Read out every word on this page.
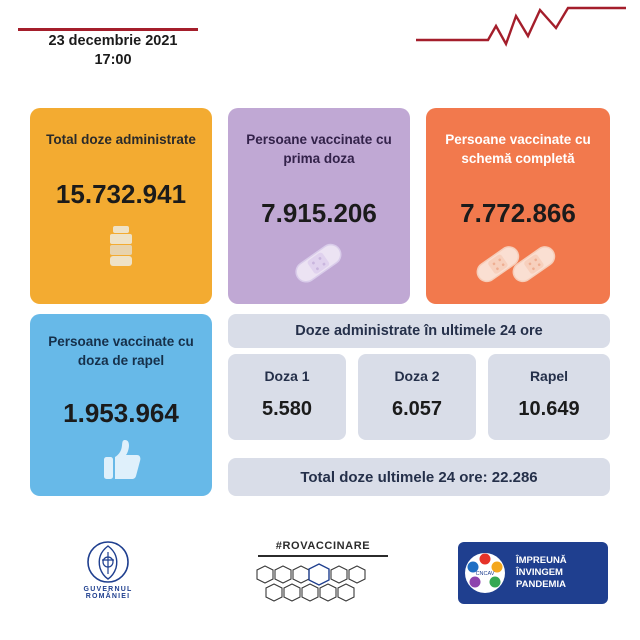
23 decembrie 2021
17:00
Total doze administrate
15.732.941
Persoane vaccinate cu prima doza
7.915.206
Persoane vaccinate cu schemă completă
7.772.866
Persoane vaccinate cu doza de rapel
1.953.964
Doze administrate în ultimele 24 ore
Doza 1
5.580
Doza 2
6.057
Rapel
10.649
Total doze ultimele 24 ore: 22.286
GUVERNUL
ROMÂNIEI
#ROVACCINARE
CNCAV
ÎMPREUNĂ
ÎNVINGEM
PANDEMIA
